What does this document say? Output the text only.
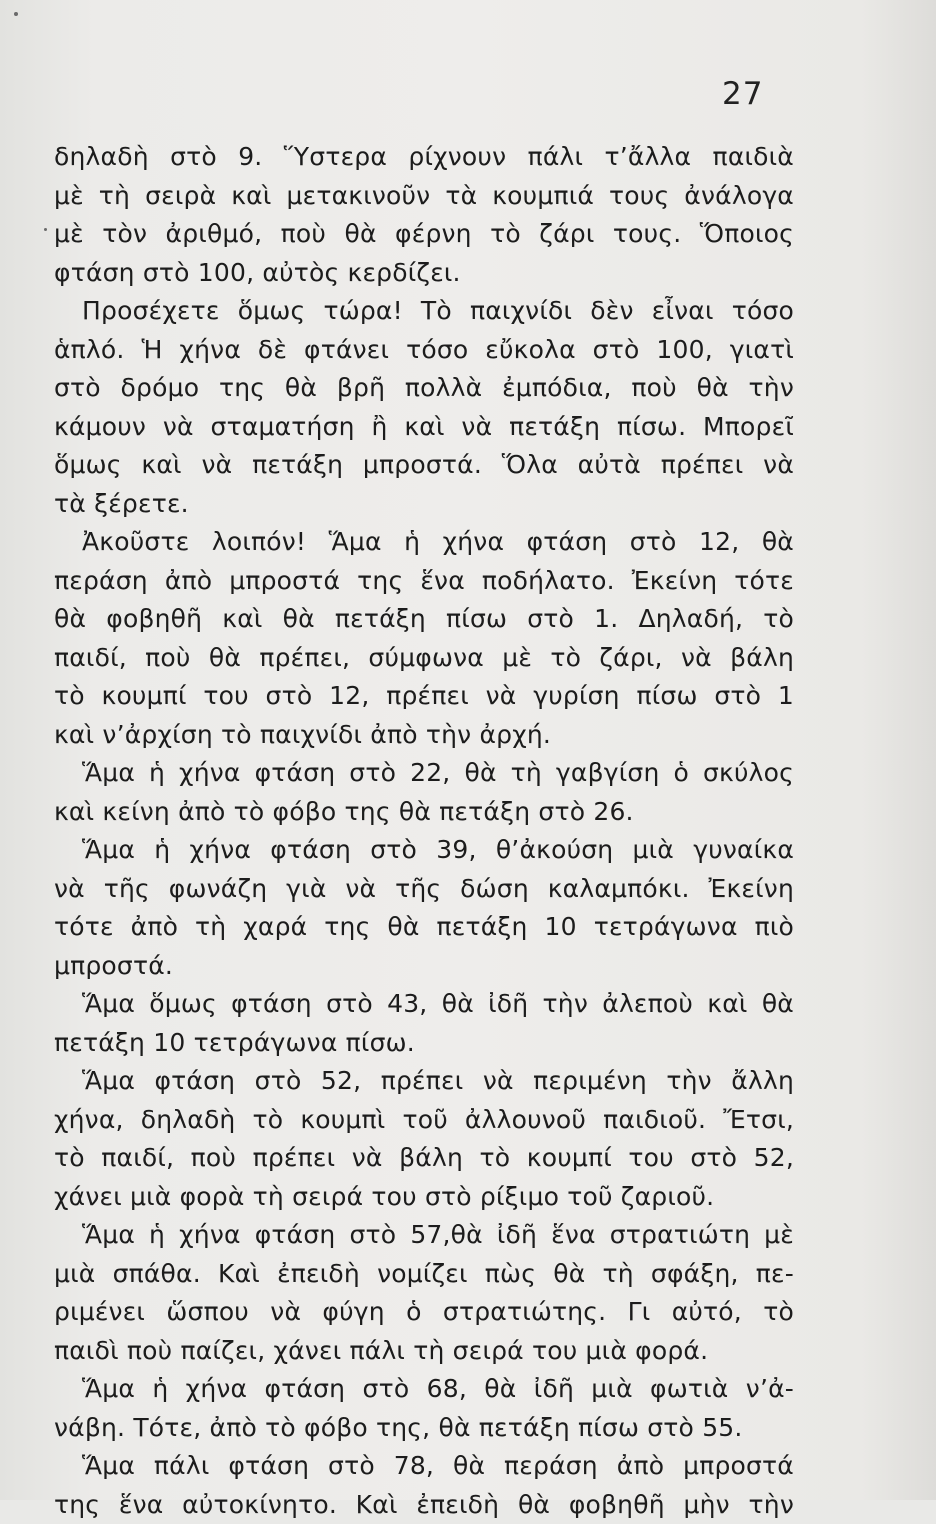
27
δηλαδὴ στὸ 9. Ὕστερα ρίχνουν πάλι τ’ἄλλα παιδιὰ
μὲ τὴ σειρὰ καὶ μετακινοῦν τὰ κουμπιά τους ἀνάλογα
μὲ τὸν ἀριθμό, ποὺ θὰ φέρνη τὸ ζάρι τους. Ὅποιος
φτάση στὸ 100, αὐτὸς κερδίζει.
Προσέχετε ὅμως τώρα! Τὸ παιχνίδι δὲν εἶναι τόσο
ἁπλό. Ἡ χήνα δὲ φτάνει τόσο εὔκολα στὸ 100, γιατὶ
στὸ δρόμο της θὰ βρῆ πολλὰ ἐμπόδια, ποὺ θὰ τὴν
κάμουν νὰ σταματήση ἢ καὶ νὰ πετάξη πίσω. Μπορεῖ
ὅμως καὶ νὰ πετάξη μπροστά. Ὅλα αὐτὰ πρέπει νὰ
τὰ ξέρετε.
Ἀκοῦστε λοιπόν! Ἅμα ἡ χήνα φτάση στὸ 12, θὰ
περάση ἀπὸ μπροστά της ἕνα ποδήλατο. Ἐκείνη τότε
θὰ φοβηθῆ καὶ θὰ πετάξη πίσω στὸ 1. Δηλαδή, τὸ
παιδί, ποὺ θὰ πρέπει, σύμφωνα μὲ τὸ ζάρι, νὰ βάλη
τὸ κουμπί του στὸ 12, πρέπει νὰ γυρίση πίσω στὸ 1
καὶ ν’ἀρχίση τὸ παιχνίδι ἀπὸ τὴν ἀρχή.
Ἅμα ἡ χήνα φτάση στὸ 22, θὰ τὴ γαβγίση ὁ σκύλος
καὶ κείνη ἀπὸ τὸ φόβο της θὰ πετάξη στὸ 26.
Ἅμα ἡ χήνα φτάση στὸ 39, θ’ἀκούση μιὰ γυναίκα
νὰ τῆς φωνάζη γιὰ νὰ τῆς δώση καλαμπόκι. Ἐκείνη
τότε ἀπὸ τὴ χαρά της θὰ πετάξη 10 τετράγωνα πιὸ
μπροστά.
Ἅμα ὅμως φτάση στὸ 43, θὰ ἰδῆ τὴν ἀλεποὺ καὶ θὰ
πετάξη 10 τετράγωνα πίσω.
Ἅμα φτάση στὸ 52, πρέπει νὰ περιμένη τὴν ἄλλη
χήνα, δηλαδὴ τὸ κουμπὶ τοῦ ἀλλουνοῦ παιδιοῦ. Ἔτσι,
τὸ παιδί, ποὺ πρέπει νὰ βάλη τὸ κουμπί του στὸ 52,
χάνει μιὰ φορὰ τὴ σειρά του στὸ ρίξιμο τοῦ ζαριοῦ.
Ἅμα ἡ χήνα φτάση στὸ 57,θὰ ἰδῆ ἕνα στρατιώτη μὲ
μιὰ σπάθα. Καὶ ἐπειδὴ νομίζει πὼς θὰ τὴ σφάξη, πε-
ριμένει ὥσπου νὰ φύγη ὁ στρατιώτης. Γι αὐτό, τὸ
παιδὶ ποὺ παίζει, χάνει πάλι τὴ σειρά του μιὰ φορά.
Ἅμα ἡ χήνα φτάση στὸ 68, θὰ ἰδῆ μιὰ φωτιὰ ν’ἀ-
νάβη. Τότε, ἀπὸ τὸ φόβο της, θὰ πετάξη πίσω στὸ 55.
Ἅμα πάλι φτάση στὸ 78, θὰ περάση ἀπὸ μπροστά
της ἕνα αὐτοκίνητο. Καὶ ἐπειδὴ θὰ φοβηθῆ μὴν τὴν
